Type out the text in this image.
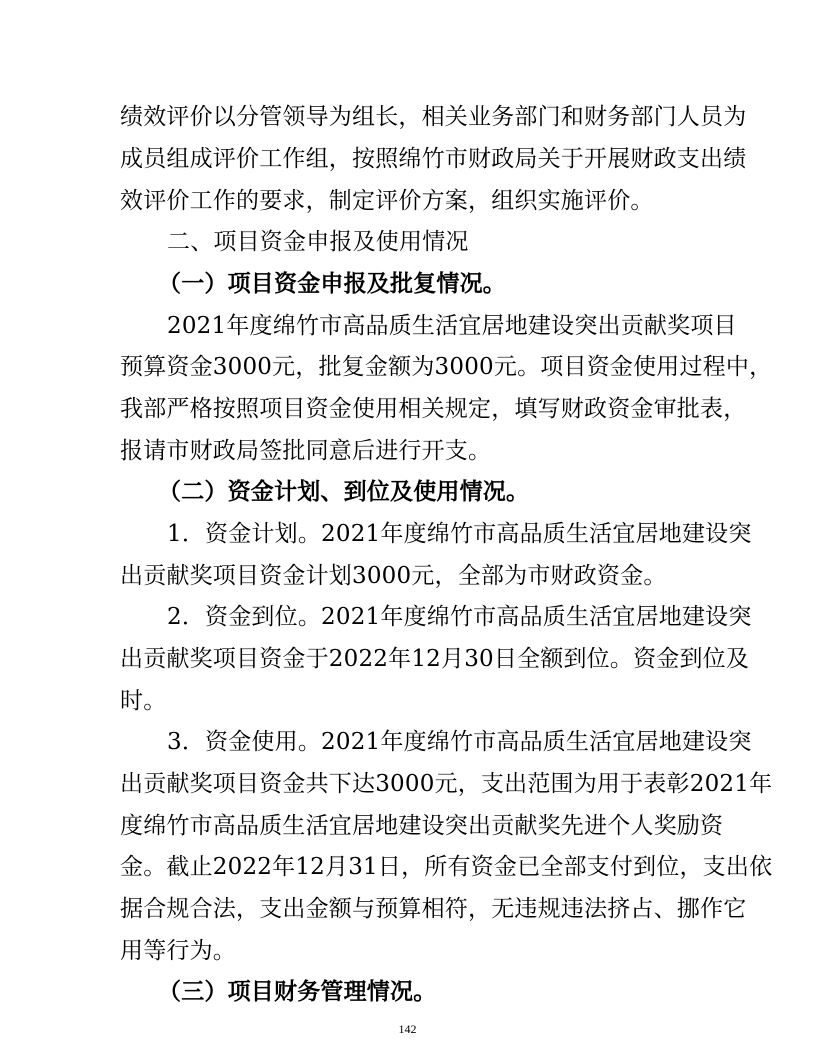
绩效评价以分管领导为组长，相关业务部门和财务部门人员为
成员组成评价工作组，按照绵竹市财政局关于开展财政支出绩
效评价工作的要求，制定评价方案，组织实施评价。
二、项目资金申报及使用情况
（一）项目资金申报及批复情况。
2021年度绵竹市高品质生活宜居地建设突出贡献奖项目
预算资金3000元，批复金额为3000元。项目资金使用过程中，
我部严格按照项目资金使用相关规定，填写财政资金审批表，
报请市财政局签批同意后进行开支。
（二）资金计划、到位及使用情况。
1．资金计划。2021年度绵竹市高品质生活宜居地建设突
出贡献奖项目资金计划3000元，全部为市财政资金。
2．资金到位。2021年度绵竹市高品质生活宜居地建设突
出贡献奖项目资金于2022年12月30日全额到位。资金到位及
时。
3．资金使用。2021年度绵竹市高品质生活宜居地建设突
出贡献奖项目资金共下达3000元，支出范围为用于表彰2021年
度绵竹市高品质生活宜居地建设突出贡献奖先进个人奖励资
金。截止2022年12月31日，所有资金已全部支付到位，支出依
据合规合法，支出金额与预算相符，无违规违法挤占、挪作它
用等行为。
（三）项目财务管理情况。
142
